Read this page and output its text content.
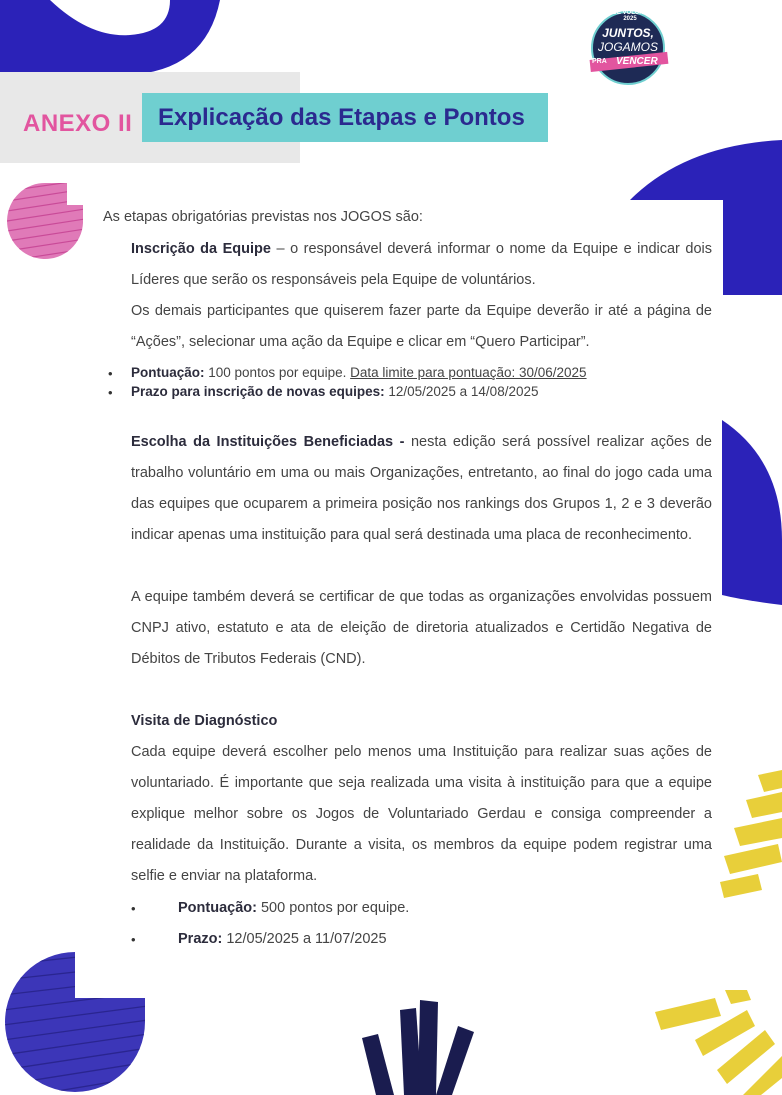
JOGOS DE VOLUNTARIADO 2025
JUNTOS,
JOGAMOS
PRA VENCER
ANEXO II Explicação das Etapas e Pontos
As etapas obrigatórias previstas nos JOGOS são:
Inscrição da Equipe – o responsável deverá informar o nome da Equipe e indicar dois Líderes que serão os responsáveis pela Equipe de voluntários.
Os demais participantes que quiserem fazer parte da Equipe deverão ir até a página de “Ações”, selecionar uma ação da Equipe e clicar em “Quero Participar”.
• Pontuação: 100 pontos por equipe. Data limite para pontuação: 30/06/2025
• Prazo para inscrição de novas equipes: 12/05/2025 a 14/08/2025
Escolha da Instituições Beneficiadas - nesta edição será possível realizar ações de trabalho voluntário em uma ou mais Organizações, entretanto, ao final do jogo cada uma das equipes que ocuparem a primeira posição nos rankings dos Grupos 1, 2 e 3 deverão indicar apenas uma instituição para qual será destinada uma placa de reconhecimento.
A equipe também deverá se certificar de que todas as organizações envolvidas possuem CNPJ ativo, estatuto e ata de eleição de diretoria atualizados e Certidão Negativa de Débitos de Tributos Federais (CND).
Visita de Diagnóstico
Cada equipe deverá escolher pelo menos uma Instituição para realizar suas ações de voluntariado. É importante que seja realizada uma visita à instituição para que a equipe explique melhor sobre os Jogos de Voluntariado Gerdau e consiga compreender a realidade da Instituição. Durante a visita, os membros da equipe podem registrar uma selfie e enviar na plataforma.
•	Pontuação: 500 pontos por equipe.
•	Prazo: 12/05/2025 a 11/07/2025
